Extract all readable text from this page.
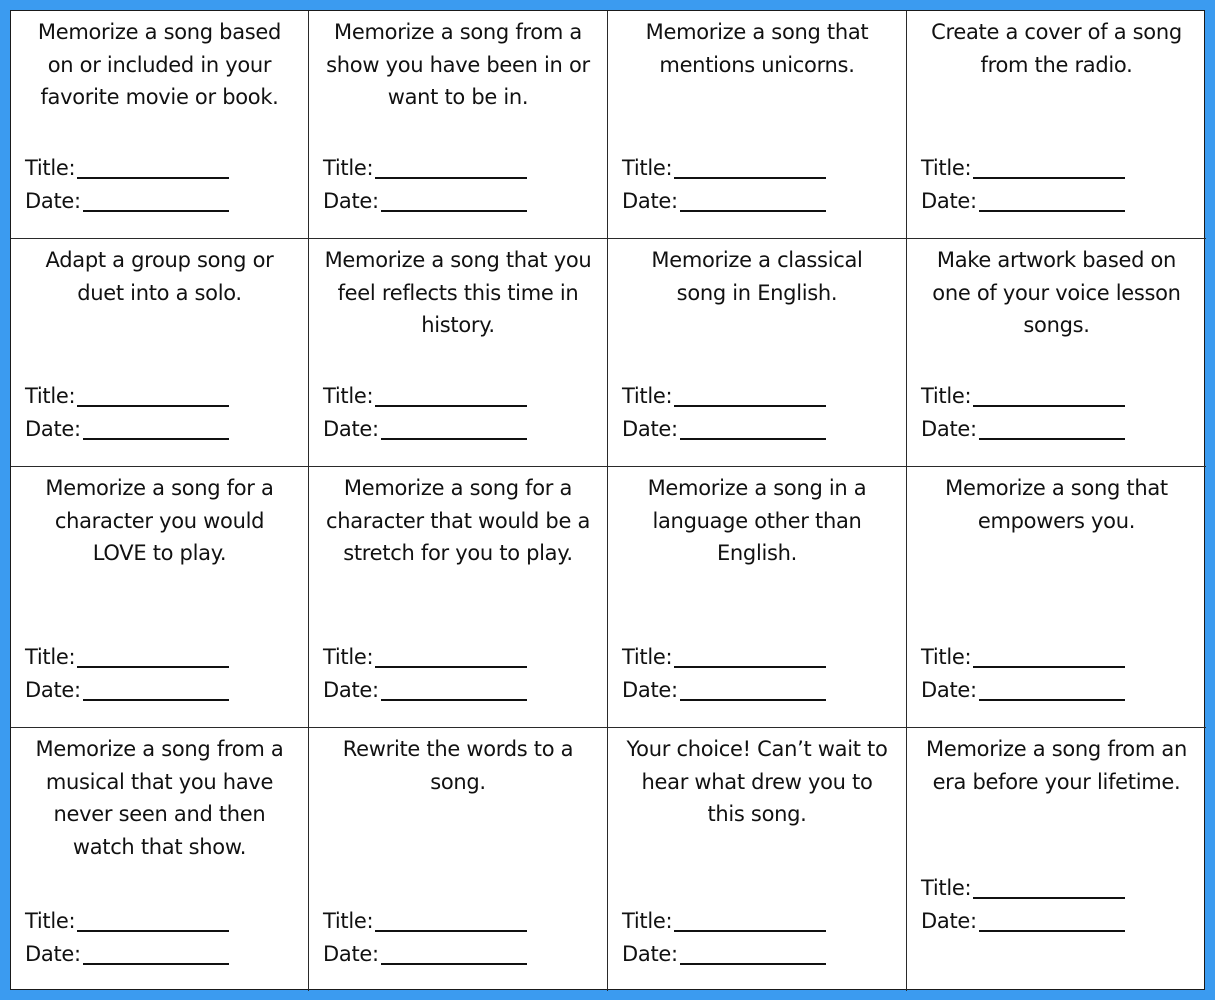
Memorize a song based
on or included in your
favorite movie or book.
Title:
Date:
Memorize a song from a
show you have been in or
want to be in.
Title:
Date:
Memorize a song that
mentions unicorns.
Title:
Date:
Create a cover of a song
from the radio.
Title:
Date:
Adapt a group song or
duet into a solo.
Title:
Date:
Memorize a song that you
feel reflects this time in
history.
Title:
Date:
Memorize a classical
song in English.
Title:
Date:
Make artwork based on
one of your voice lesson
songs.
Title:
Date:
Memorize a song for a
character you would
LOVE to play.
Title:
Date:
Memorize a song for a
character that would be a
stretch for you to play.
Title:
Date:
Memorize a song in a
language other than
English.
Title:
Date:
Memorize a song that
empowers you.
Title:
Date:
Memorize a song from a
musical that you have
never seen and then
watch that show.
Title:
Date:
Rewrite the words to a
song.
Title:
Date:
Your choice! Can’t wait to
hear what drew you to
this song.
Title:
Date:
Memorize a song from an
era before your lifetime.
Title:
Date:
